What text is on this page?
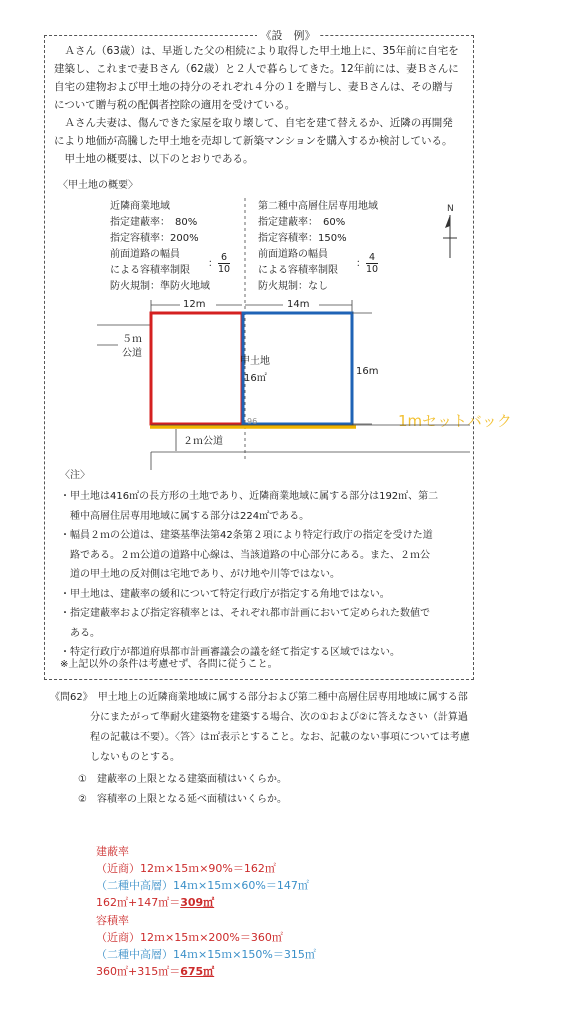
《設　例》
　Ａさん（63歳）は、早逝した父の相続により取得した甲土地上に、35年前に自宅を
建築し、これまで妻Ｂさん（62歳）と２人で暮らしてきた。12年前には、妻Ｂさんに
自宅の建物および甲土地の持分のそれぞれ４分の１を贈与し、妻Ｂさんは、その贈与
について贈与税の配偶者控除の適用を受けている。
　Ａさん夫妻は、傷んできた家屋を取り壊して、自宅を建て替えるか、近隣の再開発
により地価が高騰した甲土地を売却して新築マンションを購入するか検討している。
　甲土地の概要は、以下のとおりである。
〈甲土地の概要〉
近隣商業地域
指定建蔽率：　80%
指定容積率：200%
前面道路の幅員
による容積率制限
： $\frac{6}{10}$
防火規制：準防火地域
第二種中高層住居専用地域
指定建蔽率：　60%
指定容積率：150%
前面道路の幅員
による容積率制限
： $\frac{4}{10}$
防火規制：なし
N
12m	14m
５ｍ
公道
甲土地
16㎡
96
16m
1mセットバック
２ｍ公道
〈注〉
・甲土地は416㎡の長方形の土地であり、近隣商業地域に属する部分は192㎡、第二
　種中高層住居専用地域に属する部分は224㎡である。
・幅員２ｍの公道は、建築基準法第42条第２項により特定行政庁の指定を受けた道
　路である。２ｍ公道の道路中心線は、当該道路の中心部分にある。また、２ｍ公
　道の甲土地の反対側は宅地であり、がけ地や川等ではない。
・甲土地は、建蔽率の緩和について特定行政庁が指定する角地ではない。
・指定建蔽率および指定容積率とは、それぞれ都市計画において定められた数値で
　ある。
・特定行政庁が都道府県都市計画審議会の議を経て指定する区域ではない。
※上記以外の条件は考慮せず、各問に従うこと。
《問62》　甲土地上の近隣商業地域に属する部分および第二種中高層住居専用地域に属する部
　　　　分にまたがって準耐火建築物を建築する場合、次の①および②に答えなさい（計算過
　　　　程の記載は不要）。〈答〉は㎡表示とすること。なお、記載のない事項については考慮
　　　　しないものとする。
①　建蔽率の上限となる建築面積はいくらか。
②　容積率の上限となる延べ面積はいくらか。
建蔽率
（近商）12ｍ×15ｍ×90%＝162㎡
（二種中高層）14ｍ×15ｍ×60%＝147㎡
162㎡+147㎡＝309㎡
容積率
（近商）12ｍ×15ｍ×200%＝360㎡
（二種中高層）14ｍ×15ｍ×150%＝315㎡
360㎡+315㎡＝675㎡
